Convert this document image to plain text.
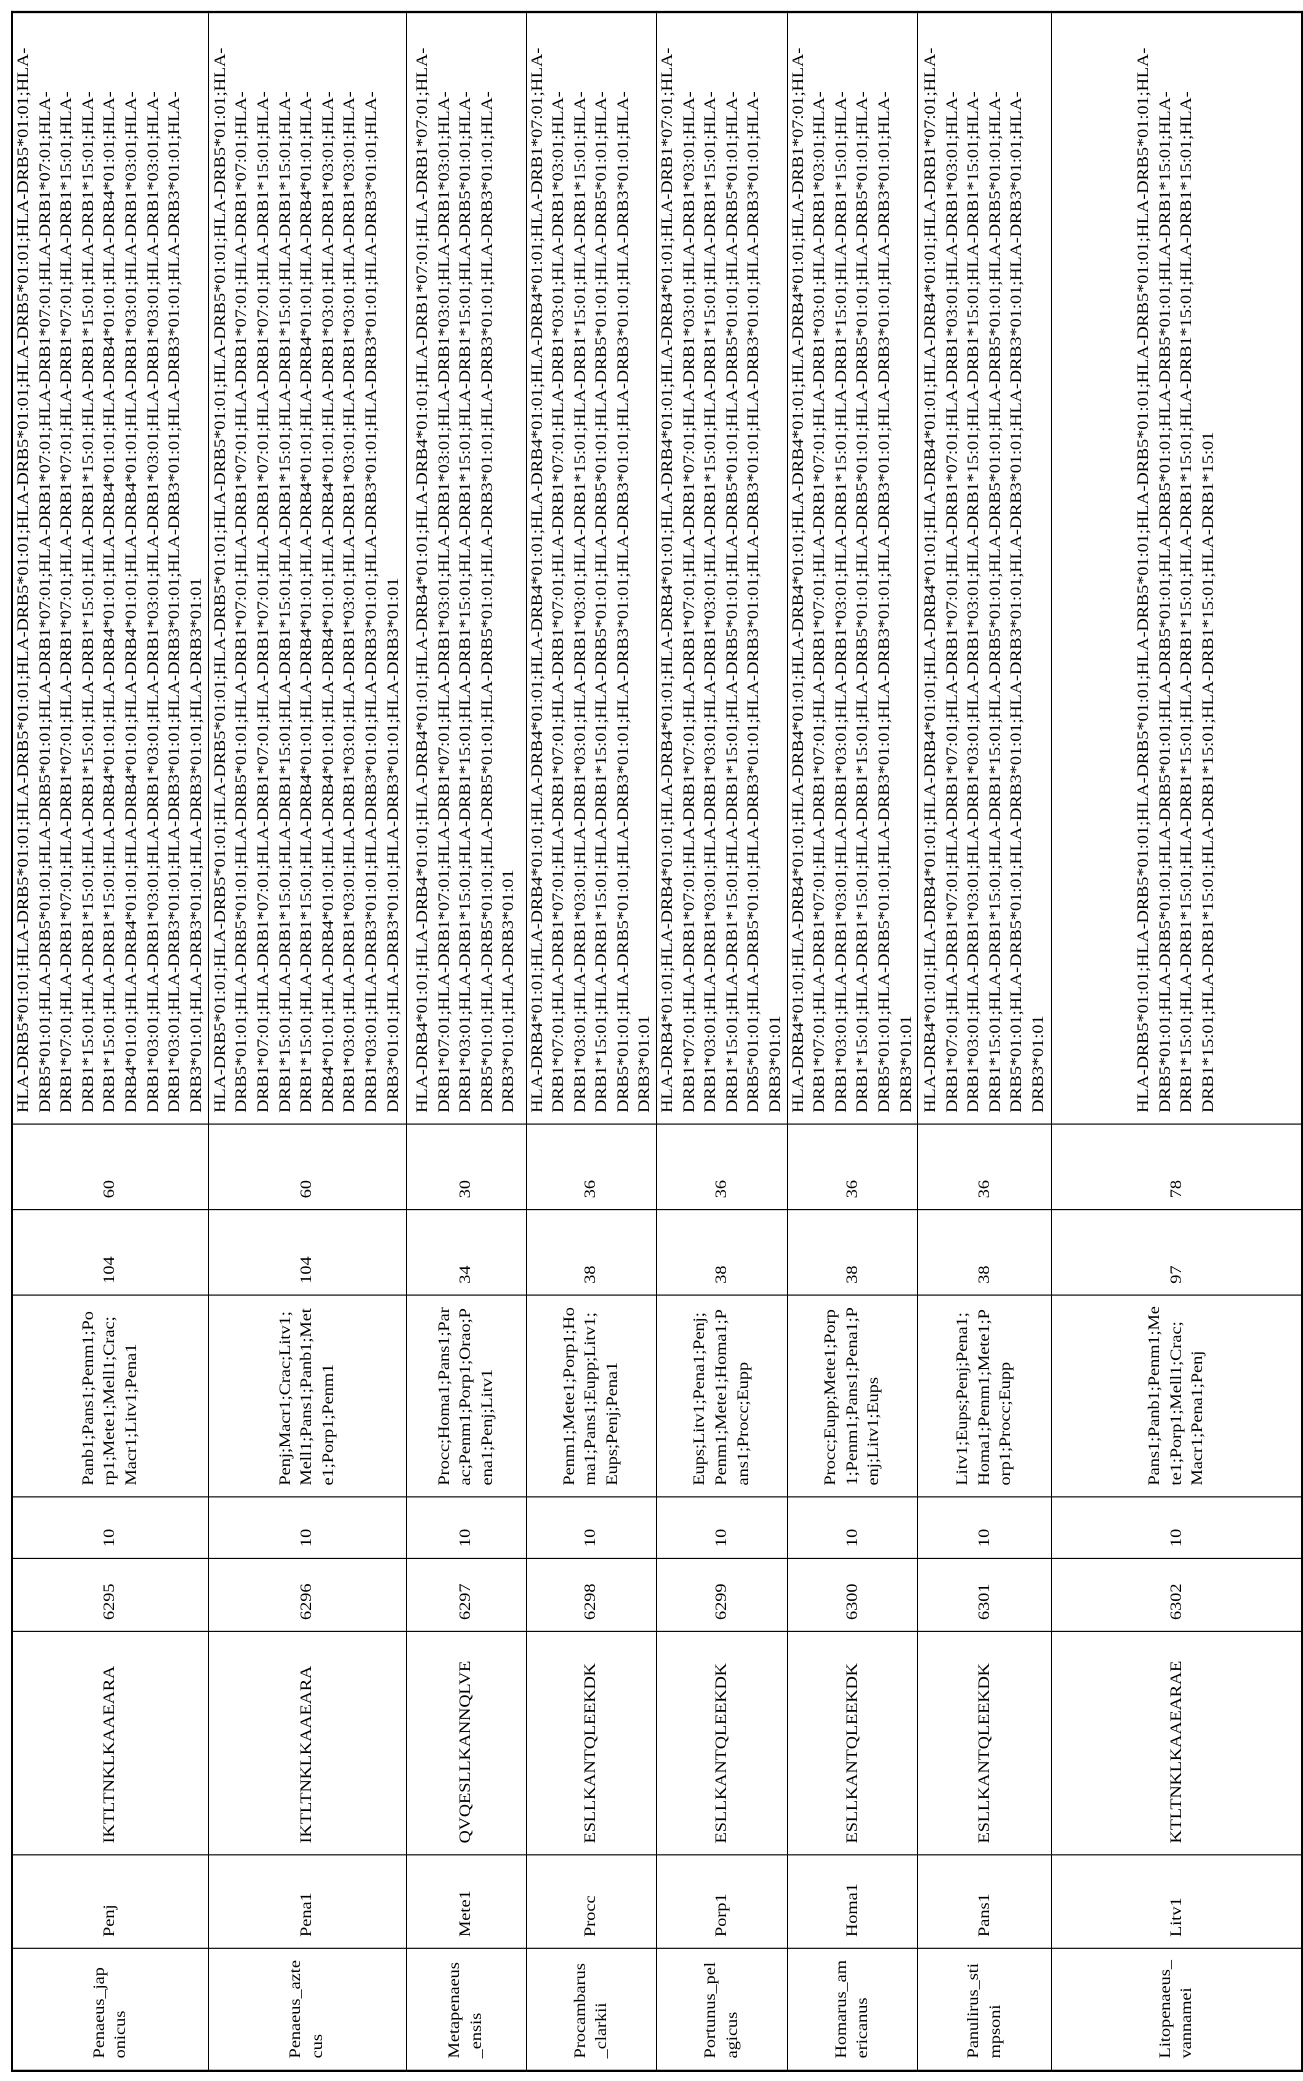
Penaeus_japonicus	Penj	IKTLTNKLKAAEARA	6295	10	Panb1;Pans1;Penm1;Porp1;Mete1;Mell1;Crac;Macr1;Litv1;Pena1	104	60	HLA-DRB5*01:01;HLA-DRB5*01:01;HLA-DRB5*01:01;HLA-DRB5*01:01;HLA-DRB5*01:01;HLA-DRB5*01:01;HLA-DRB5*01:01;HLA-DRB5*01:01;HLA-DRB5*01:01;HLA-DRB5*01:01;HLA-DRB1*07:01;HLA-DRB1*07:01;HLA-DRB1*07:01;HLA-DRB1*07:01;HLA-DRB1*07:01;HLA-DRB1*07:01;HLA-DRB1*07:01;HLA-DRB1*07:01;HLA-DRB1*07:01;HLA-DRB1*07:01;HLA-DRB1*15:01;HLA-DRB1*15:01;HLA-DRB1*15:01;HLA-DRB1*15:01;HLA-DRB1*15:01;HLA-DRB1*15:01;HLA-DRB1*15:01;HLA-DRB1*15:01;HLA-DRB1*15:01;HLA-DRB1*15:01;HLA-DRB4*01:01;HLA-DRB4*01:01;HLA-DRB4*01:01;HLA-DRB4*01:01;HLA-DRB4*01:01;HLA-DRB4*01:01;HLA-DRB4*01:01;HLA-DRB4*01:01;HLA-DRB4*01:01;HLA-DRB4*01:01;HLA-DRB1*03:01;HLA-DRB1*03:01;HLA-DRB1*03:01;HLA-DRB1*03:01;HLA-DRB1*03:01;HLA-DRB1*03:01;HLA-DRB1*03:01;HLA-DRB1*03:01;HLA-DRB1*03:01;HLA-DRB1*03:01;HLA-DRB3*01:01;HLA-DRB3*01:01;HLA-DRB3*01:01;HLA-DRB3*01:01;HLA-DRB3*01:01;HLA-DRB3*01:01;HLA-DRB3*01:01;HLA-DRB3*01:01;HLA-DRB3*01:01;HLA-DRB3*01:01
Penaeus_aztecus	Pena1	IKTLTNKLKAAEARA	6296	10	Penj;Macr1;Crac;Litv1;Mell1;Pans1;Panb1;Mete1;Porp1;Penm1	104	60	HLA-DRB5*01:01;HLA-DRB5*01:01;HLA-DRB5*01:01;HLA-DRB5*01:01;HLA-DRB5*01:01;HLA-DRB5*01:01;HLA-DRB5*01:01;HLA-DRB5*01:01;HLA-DRB5*01:01;HLA-DRB5*01:01;HLA-DRB1*07:01;HLA-DRB1*07:01;HLA-DRB1*07:01;HLA-DRB1*07:01;HLA-DRB1*07:01;HLA-DRB1*07:01;HLA-DRB1*07:01;HLA-DRB1*07:01;HLA-DRB1*07:01;HLA-DRB1*07:01;HLA-DRB1*15:01;HLA-DRB1*15:01;HLA-DRB1*15:01;HLA-DRB1*15:01;HLA-DRB1*15:01;HLA-DRB1*15:01;HLA-DRB1*15:01;HLA-DRB1*15:01;HLA-DRB1*15:01;HLA-DRB1*15:01;HLA-DRB4*01:01;HLA-DRB4*01:01;HLA-DRB4*01:01;HLA-DRB4*01:01;HLA-DRB4*01:01;HLA-DRB4*01:01;HLA-DRB4*01:01;HLA-DRB4*01:01;HLA-DRB4*01:01;HLA-DRB4*01:01;HLA-DRB1*03:01;HLA-DRB1*03:01;HLA-DRB1*03:01;HLA-DRB1*03:01;HLA-DRB1*03:01;HLA-DRB1*03:01;HLA-DRB1*03:01;HLA-DRB1*03:01;HLA-DRB1*03:01;HLA-DRB1*03:01;HLA-DRB3*01:01;HLA-DRB3*01:01;HLA-DRB3*01:01;HLA-DRB3*01:01;HLA-DRB3*01:01;HLA-DRB3*01:01;HLA-DRB3*01:01;HLA-DRB3*01:01;HLA-DRB3*01:01;HLA-DRB3*01:01
Metapenaeus_ensis	Mete1	QVQESLLKANNQLVE	6297	10	Procc;Homa1;Pans1;Parac;Penm1;Porp1;Orao;Pena1;Penj;Litv1	34	30	HLA-DRB4*01:01;HLA-DRB4*01:01;HLA-DRB4*01:01;HLA-DRB4*01:01;HLA-DRB4*01:01;HLA-DRB1*07:01;HLA-DRB1*07:01;HLA-DRB1*07:01;HLA-DRB1*07:01;HLA-DRB1*07:01;HLA-DRB1*03:01;HLA-DRB1*03:01;HLA-DRB1*03:01;HLA-DRB1*03:01;HLA-DRB1*03:01;HLA-DRB1*15:01;HLA-DRB1*15:01;HLA-DRB1*15:01;HLA-DRB1*15:01;HLA-DRB1*15:01;HLA-DRB5*01:01;HLA-DRB5*01:01;HLA-DRB5*01:01;HLA-DRB5*01:01;HLA-DRB5*01:01;HLA-DRB3*01:01;HLA-DRB3*01:01;HLA-DRB3*01:01;HLA-DRB3*01:01;HLA-DRB3*01:01
Procambarus_clarkii	Procc	ESLLKANTQLEEKDK	6298	10	Penm1;Mete1;Porp1;Homa1;Pans1;Eupp;Litv1;Eups;Penj;Pena1	38	36	HLA-DRB4*01:01;HLA-DRB4*01:01;HLA-DRB4*01:01;HLA-DRB4*01:01;HLA-DRB4*01:01;HLA-DRB4*01:01;HLA-DRB1*07:01;HLA-DRB1*07:01;HLA-DRB1*07:01;HLA-DRB1*07:01;HLA-DRB1*07:01;HLA-DRB1*07:01;HLA-DRB1*03:01;HLA-DRB1*03:01;HLA-DRB1*03:01;HLA-DRB1*03:01;HLA-DRB1*03:01;HLA-DRB1*03:01;HLA-DRB1*15:01;HLA-DRB1*15:01;HLA-DRB1*15:01;HLA-DRB1*15:01;HLA-DRB1*15:01;HLA-DRB1*15:01;HLA-DRB5*01:01;HLA-DRB5*01:01;HLA-DRB5*01:01;HLA-DRB5*01:01;HLA-DRB5*01:01;HLA-DRB5*01:01;HLA-DRB3*01:01;HLA-DRB3*01:01;HLA-DRB3*01:01;HLA-DRB3*01:01;HLA-DRB3*01:01;HLA-DRB3*01:01
Portunus_pelagicus	Porp1	ESLLKANTQLEEKDK	6299	10	Eups;Litv1;Pena1;Penj;Penm1;Mete1;Homa1;Pans1;Procc;Eupp	38	36	HLA-DRB4*01:01;HLA-DRB4*01:01;HLA-DRB4*01:01;HLA-DRB4*01:01;HLA-DRB4*01:01;HLA-DRB4*01:01;HLA-DRB1*07:01;HLA-DRB1*07:01;HLA-DRB1*07:01;HLA-DRB1*07:01;HLA-DRB1*07:01;HLA-DRB1*07:01;HLA-DRB1*03:01;HLA-DRB1*03:01;HLA-DRB1*03:01;HLA-DRB1*03:01;HLA-DRB1*03:01;HLA-DRB1*03:01;HLA-DRB1*15:01;HLA-DRB1*15:01;HLA-DRB1*15:01;HLA-DRB1*15:01;HLA-DRB1*15:01;HLA-DRB1*15:01;HLA-DRB5*01:01;HLA-DRB5*01:01;HLA-DRB5*01:01;HLA-DRB5*01:01;HLA-DRB5*01:01;HLA-DRB5*01:01;HLA-DRB3*01:01;HLA-DRB3*01:01;HLA-DRB3*01:01;HLA-DRB3*01:01;HLA-DRB3*01:01;HLA-DRB3*01:01
Homarus_americanus	Homa1	ESLLKANTQLEEKDK	6300	10	Procc;Eupp;Mete1;Porp1;Penm1;Pans1;Pena1;Penj;Litv1;Eups	38	36	HLA-DRB4*01:01;HLA-DRB4*01:01;HLA-DRB4*01:01;HLA-DRB4*01:01;HLA-DRB4*01:01;HLA-DRB4*01:01;HLA-DRB1*07:01;HLA-DRB1*07:01;HLA-DRB1*07:01;HLA-DRB1*07:01;HLA-DRB1*07:01;HLA-DRB1*07:01;HLA-DRB1*03:01;HLA-DRB1*03:01;HLA-DRB1*03:01;HLA-DRB1*03:01;HLA-DRB1*03:01;HLA-DRB1*03:01;HLA-DRB1*15:01;HLA-DRB1*15:01;HLA-DRB1*15:01;HLA-DRB1*15:01;HLA-DRB1*15:01;HLA-DRB1*15:01;HLA-DRB5*01:01;HLA-DRB5*01:01;HLA-DRB5*01:01;HLA-DRB5*01:01;HLA-DRB5*01:01;HLA-DRB5*01:01;HLA-DRB3*01:01;HLA-DRB3*01:01;HLA-DRB3*01:01;HLA-DRB3*01:01;HLA-DRB3*01:01;HLA-DRB3*01:01
Panulirus_stimpsoni	Pans1	ESLLKANTQLEEKDK	6301	10	Litv1;Eups;Penj;Pena1;Homa1;Penm1;Mete1;Porp1;Procc;Eupp	38	36	HLA-DRB4*01:01;HLA-DRB4*01:01;HLA-DRB4*01:01;HLA-DRB4*01:01;HLA-DRB4*01:01;HLA-DRB4*01:01;HLA-DRB1*07:01;HLA-DRB1*07:01;HLA-DRB1*07:01;HLA-DRB1*07:01;HLA-DRB1*07:01;HLA-DRB1*07:01;HLA-DRB1*03:01;HLA-DRB1*03:01;HLA-DRB1*03:01;HLA-DRB1*03:01;HLA-DRB1*03:01;HLA-DRB1*03:01;HLA-DRB1*15:01;HLA-DRB1*15:01;HLA-DRB1*15:01;HLA-DRB1*15:01;HLA-DRB1*15:01;HLA-DRB1*15:01;HLA-DRB5*01:01;HLA-DRB5*01:01;HLA-DRB5*01:01;HLA-DRB5*01:01;HLA-DRB5*01:01;HLA-DRB5*01:01;HLA-DRB3*01:01;HLA-DRB3*01:01;HLA-DRB3*01:01;HLA-DRB3*01:01;HLA-DRB3*01:01;HLA-DRB3*01:01
Litopenaeus_vannamei	Litv1	KTLTNKLKAAEARAE	6302	10	Pans1;Panb1;Penm1;Mete1;Porp1;Mell1;Crac;Macr1;Pena1;Penj	97	78	HLA-DRB5*01:01;HLA-DRB5*01:01;HLA-DRB5*01:01;HLA-DRB5*01:01;HLA-DRB5*01:01;HLA-DRB5*01:01;HLA-DRB5*01:01;HLA-DRB5*01:01;HLA-DRB5*01:01;HLA-DRB5*01:01;HLA-DRB5*01:01;HLA-DRB5*01:01;HLA-DRB5*01:01;HLA-DRB1*15:01;HLA-DRB1*15:01;HLA-DRB1*15:01;HLA-DRB1*15:01;HLA-DRB1*15:01;HLA-DRB1*15:01;HLA-DRB1*15:01;HLA-DRB1*15:01;HLA-DRB1*15:01;HLA-DRB1*15:01;HLA-DRB1*15:01;HLA-DRB1*15:01;HLA-DRB1*15:01
